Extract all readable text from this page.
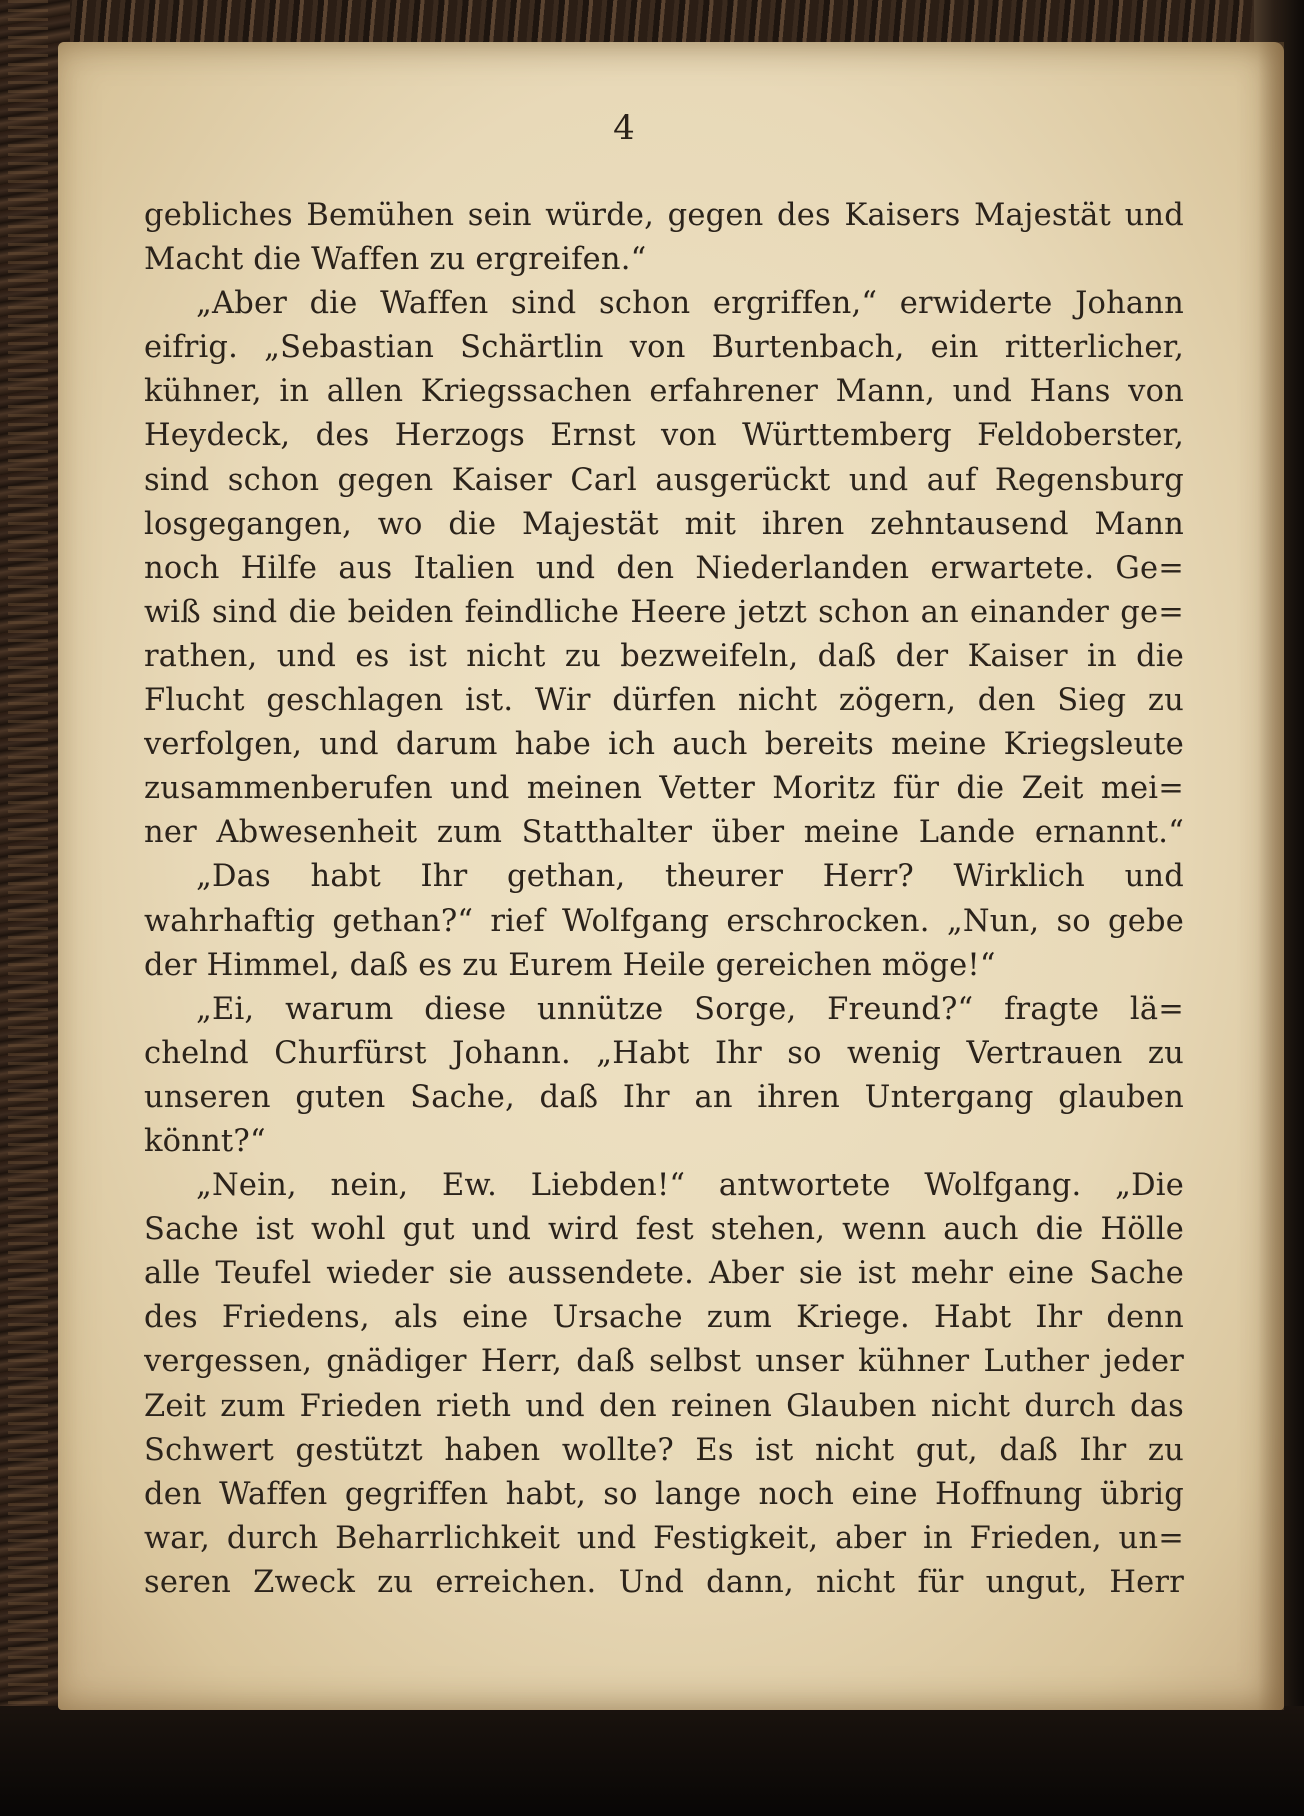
4
gebliches Bemühen sein würde, gegen des Kaisers Majestät und
Macht die Waffen zu ergreifen.“
„Aber die Waffen sind schon ergriffen,“ erwiderte Johann
eifrig. „Sebastian Schärtlin von Burtenbach, ein ritterlicher,
kühner, in allen Kriegssachen erfahrener Mann, und Hans von
Heydeck, des Herzogs Ernst von Württemberg Feldoberster,
sind schon gegen Kaiser Carl ausgerückt und auf Regensburg
losgegangen, wo die Majestät mit ihren zehntausend Mann
noch Hilfe aus Italien und den Niederlanden erwartete. Ge=
wiß sind die beiden feindliche Heere jetzt schon an einander ge=
rathen, und es ist nicht zu bezweifeln, daß der Kaiser in die
Flucht geschlagen ist. Wir dürfen nicht zögern, den Sieg zu
verfolgen, und darum habe ich auch bereits meine Kriegsleute
zusammenberufen und meinen Vetter Moritz für die Zeit mei=
ner Abwesenheit zum Statthalter über meine Lande ernannt.“
„Das habt Ihr gethan, theurer Herr? Wirklich und
wahrhaftig gethan?“ rief Wolfgang erschrocken. „Nun, so gebe
der Himmel, daß es zu Eurem Heile gereichen möge!“
„Ei, warum diese unnütze Sorge, Freund?“ fragte lä=
chelnd Churfürst Johann. „Habt Ihr so wenig Vertrauen zu
unseren guten Sache, daß Ihr an ihren Untergang glauben
könnt?“
„Nein, nein, Ew. Liebden!“ antwortete Wolfgang. „Die
Sache ist wohl gut und wird fest stehen, wenn auch die Hölle
alle Teufel wieder sie aussendete. Aber sie ist mehr eine Sache
des Friedens, als eine Ursache zum Kriege. Habt Ihr denn
vergessen, gnädiger Herr, daß selbst unser kühner Luther jeder
Zeit zum Frieden rieth und den reinen Glauben nicht durch das
Schwert gestützt haben wollte? Es ist nicht gut, daß Ihr zu
den Waffen gegriffen habt, so lange noch eine Hoffnung übrig
war, durch Beharrlichkeit und Festigkeit, aber in Frieden, un=
seren Zweck zu erreichen. Und dann, nicht für ungut, Herr
